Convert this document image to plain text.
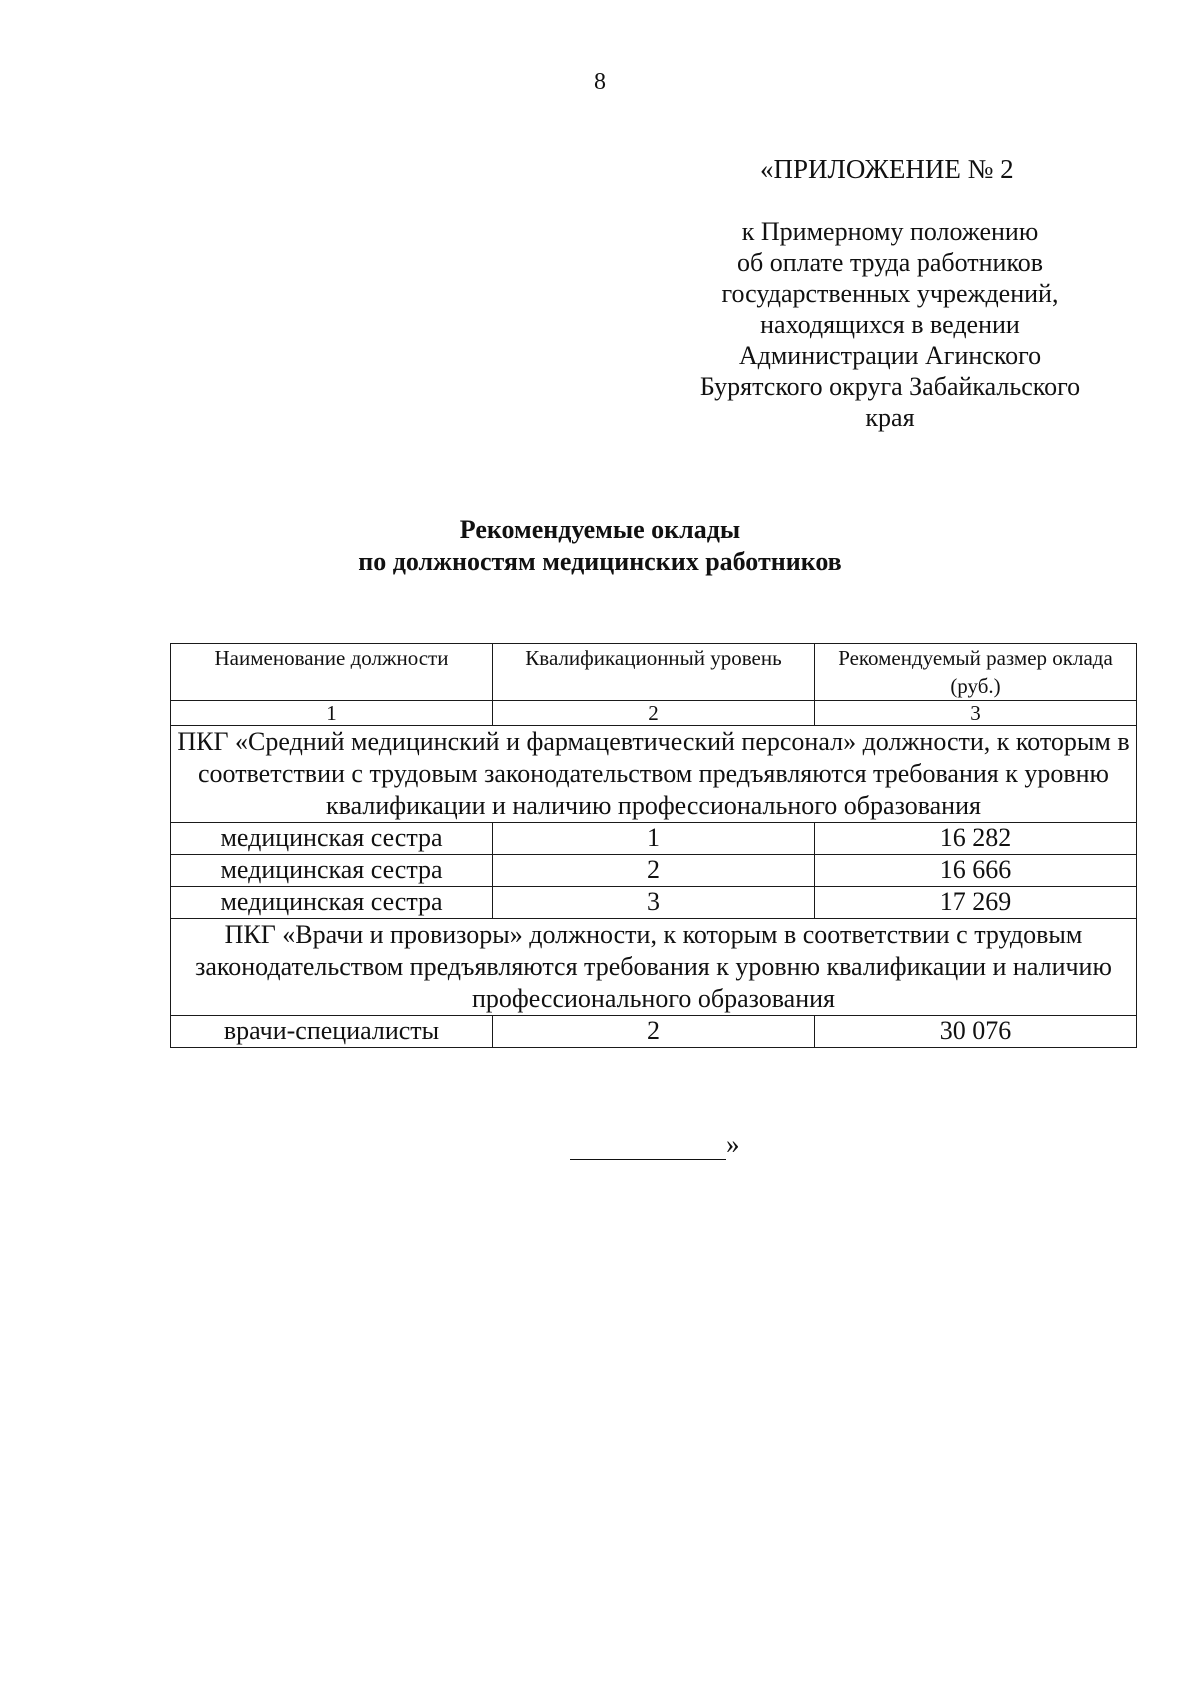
8
«ПРИЛОЖЕНИЕ № 2
к Примерному положению
об оплате труда работников
государственных учреждений,
находящихся в ведении
Администрации Агинского
Бурятского округа Забайкальского
края
Рекомендуемые оклады
по должностям медицинских работников
Наименование должности	Квалификационный уровень	Рекомендуемый размер оклада (руб.)
1	2	3
ПКГ «Средний медицинский и фармацевтический персонал» должности, к которым в соответствии с трудовым законодательством предъявляются требования к уровню квалификации и наличию профессионального образования		
медицинская сестра	1	16 282
медицинская сестра	2	16 666
медицинская сестра	3	17 269
ПКГ «Врачи и провизоры» должности, к которым в соответствии с трудовым законодательством предъявляются требования к уровню квалификации и наличию профессионального образования		
врачи-специалисты	2	30 076
»
